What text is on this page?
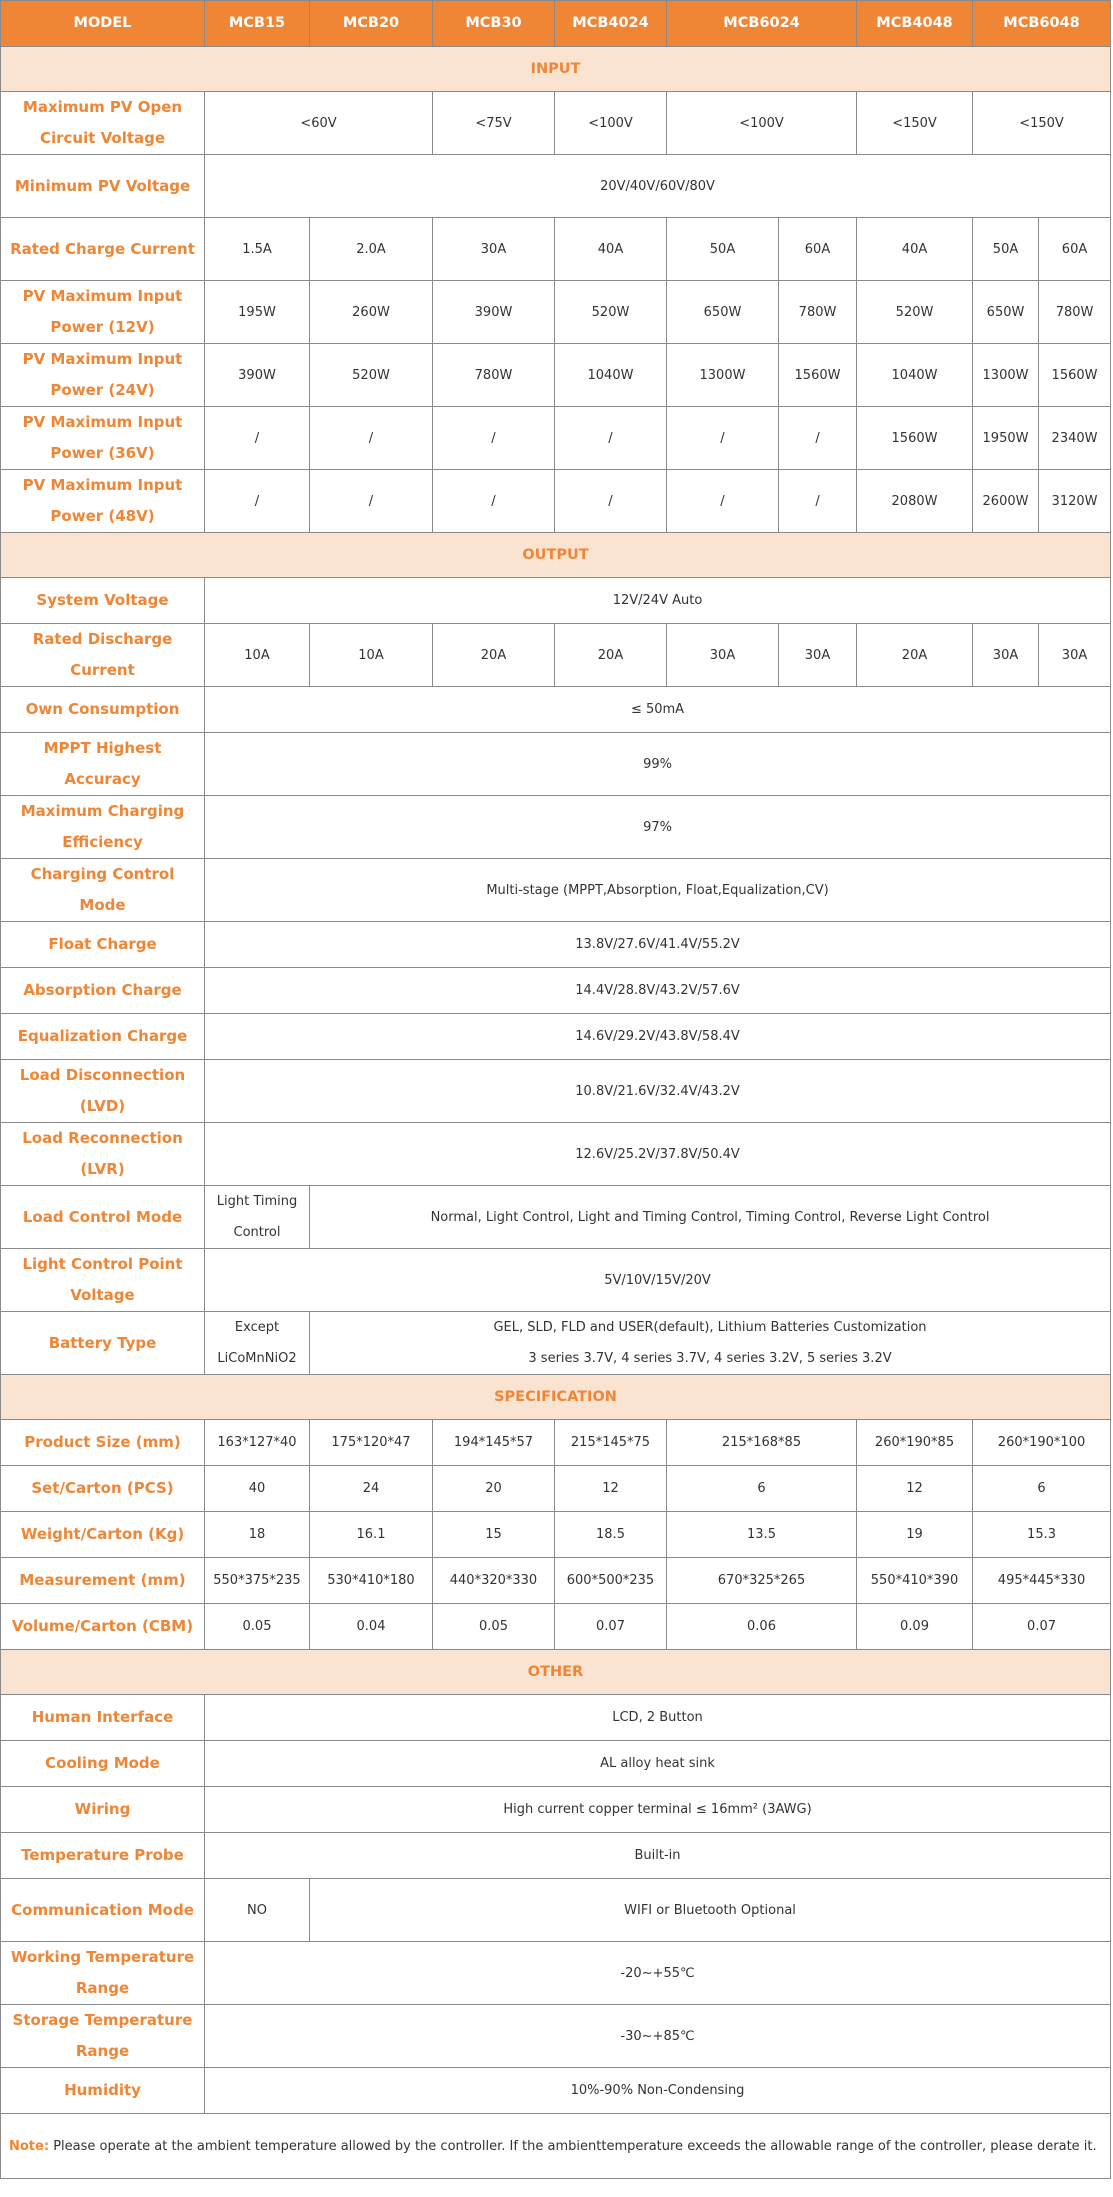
MODEL	MCB15	MCB20	MCB30	MCB4024	MCB6024		MCB4048	MCB6048	
INPUT									
Maximum PV Open Circuit Voltage	<60V		<75V	<100V	<100V		<150V	<150V	
Minimum PV Voltage	20V/40V/60V/80V								
Rated Charge Current	1.5A	2.0A	30A	40A	50A	60A	40A	50A	60A
PV Maximum Input Power (12V)	195W	260W	390W	520W	650W	780W	520W	650W	780W
PV Maximum Input Power (24V)	390W	520W	780W	1040W	1300W	1560W	1040W	1300W	1560W
PV Maximum Input Power (36V)	/	/	/	/	/	/	1560W	1950W	2340W
PV Maximum Input Power (48V)	/	/	/	/	/	/	2080W	2600W	3120W
OUTPUT									
System Voltage	12V/24V Auto								
Rated Discharge Current	10A	10A	20A	20A	30A	30A	20A	30A	30A
Own Consumption	≤ 50mA								
MPPT Highest Accuracy	99%								
Maximum Charging Efficiency	97%								
Charging Control Mode	Multi-stage (MPPT,Absorption, Float,Equalization,CV)								
Float Charge	13.8V/27.6V/41.4V/55.2V								
Absorption Charge	14.4V/28.8V/43.2V/57.6V								
Equalization Charge	14.6V/29.2V/43.8V/58.4V								
Load Disconnection (LVD)	10.8V/21.6V/32.4V/43.2V								
Load Reconnection (LVR)	12.6V/25.2V/37.8V/50.4V								
Load Control Mode	Light Timing Control	Normal, Light Control, Light and Timing Control, Timing Control, Reverse Light Control							
Light Control Point Voltage	5V/10V/15V/20V								
Battery Type	Except LiCoMnNiO2	GEL, SLD, FLD and USER(default), Lithium Batteries Customization
3 series 3.7V, 4 series 3.7V, 4 series 3.2V, 5 series 3.2V							
SPECIFICATION									
Product Size (mm)	163*127*40	175*120*47	194*145*57	215*145*75	215*168*85		260*190*85	260*190*100	
Set/Carton (PCS)	40	24	20	12	6		12	6	
Weight/Carton (Kg)	18	16.1	15	18.5	13.5		19	15.3	
Measurement (mm)	550*375*235	530*410*180	440*320*330	600*500*235	670*325*265		550*410*390	495*445*330	
Volume/Carton (CBM)	0.05	0.04	0.05	0.07	0.06		0.09	0.07	
OTHER									
Human Interface	LCD, 2 Button								
Cooling Mode	AL alloy heat sink								
Wiring	High current copper terminal ≤ 16mm² (3AWG)								
Temperature Probe	Built-in								
Communication Mode	NO	WIFI or Bluetooth Optional							
Working Temperature Range	-20~+55℃								
Storage Temperature Range	-30~+85℃								
Humidity	10%-90% Non-Condensing								
Note: Please operate at the ambient temperature allowed by the controller. If the ambienttemperature exceeds the allowable range of the controller, please derate it.									
